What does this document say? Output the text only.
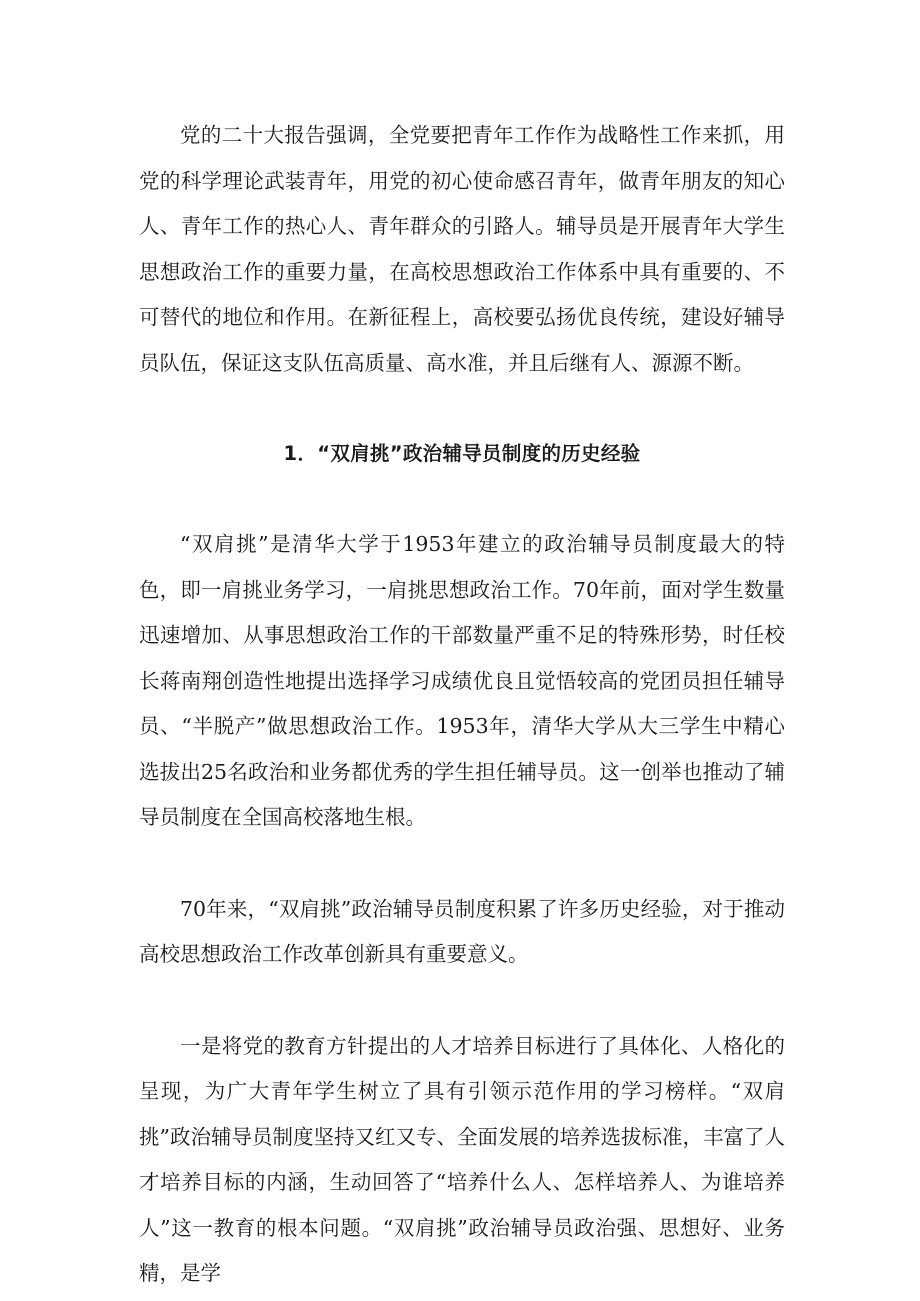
党的二十大报告强调，全党要把青年工作作为战略性工作来抓，用党的科学理论武装青年，用党的初心使命感召青年，做青年朋友的知心人、青年工作的热心人、青年群众的引路人。辅导员是开展青年大学生思想政治工作的重要力量，在高校思想政治工作体系中具有重要的、不可替代的地位和作用。在新征程上，高校要弘扬优良传统，建设好辅导员队伍，保证这支队伍高质量、高水准，并且后继有人、源源不断。

1．“双肩挑”政治辅导员制度的历史经验

“双肩挑”是清华大学于1953年建立的政治辅导员制度最大的特色，即一肩挑业务学习，一肩挑思想政治工作。70年前，面对学生数量迅速增加、从事思想政治工作的干部数量严重不足的特殊形势，时任校长蒋南翔创造性地提出选择学习成绩优良且觉悟较高的党团员担任辅导员、“半脱产”做思想政治工作。1953年，清华大学从大三学生中精心选拔出25名政治和业务都优秀的学生担任辅导员。这一创举也推动了辅导员制度在全国高校落地生根。

70年来，“双肩挑”政治辅导员制度积累了许多历史经验，对于推动高校思想政治工作改革创新具有重要意义。

一是将党的教育方针提出的人才培养目标进行了具体化、人格化的呈现，为广大青年学生树立了具有引领示范作用的学习榜样。“双肩挑”政治辅导员制度坚持又红又专、全面发展的培养选拔标准，丰富了人才培养目标的内涵，生动回答了“培养什么人、怎样培养人、为谁培养人”这一教育的根本问题。“双肩挑”政治辅导员政治强、思想好、业务精，是学
